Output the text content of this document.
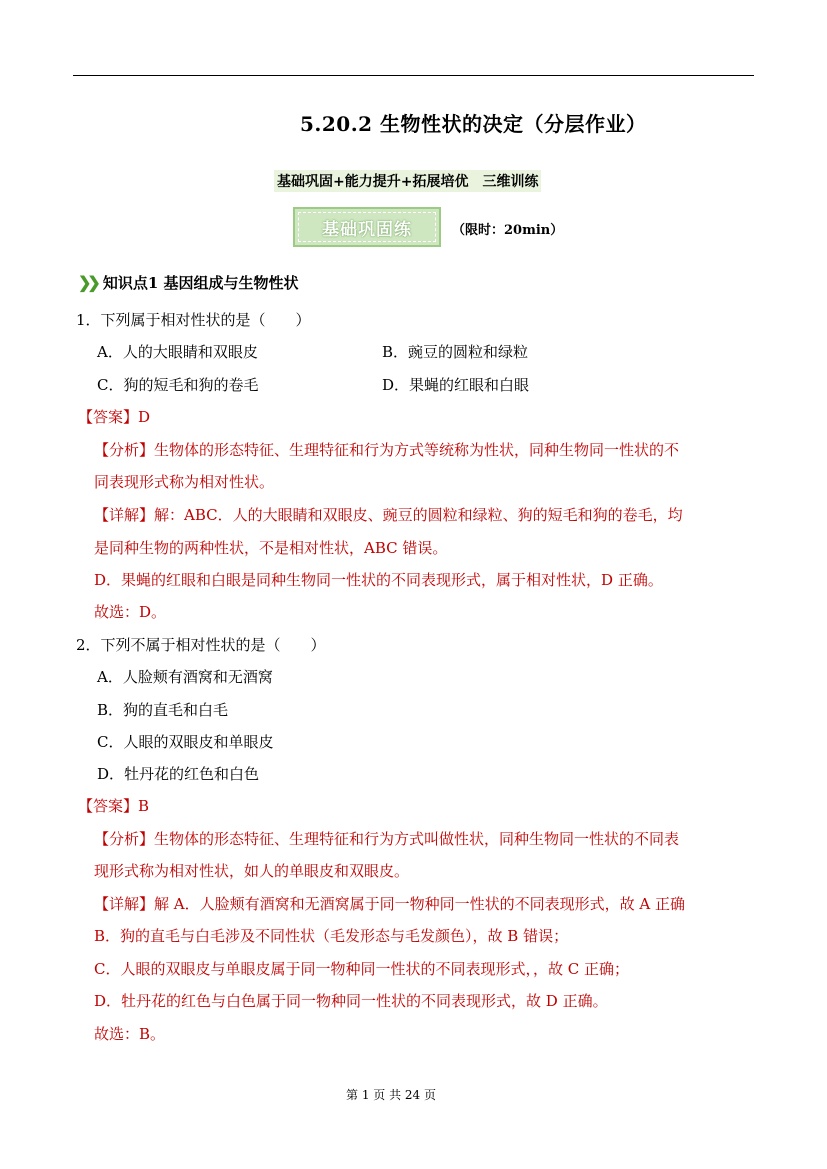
5.20.2 生物性状的决定（分层作业）
基础巩固+能力提升+拓展培优　三维训练
基础巩固练	（限时：20min）
❯❯ 知识点1 基因组成与生物性状
1．下列属于相对性状的是（　　）
A．人的大眼睛和双眼皮	B．豌豆的圆粒和绿粒
C．狗的短毛和狗的卷毛	D．果蝇的红眼和白眼
【答案】D
【分析】生物体的形态特征、生理特征和行为方式等统称为性状，同种生物同一性状的不
同表现形式称为相对性状。
【详解】解：ABC．人的大眼睛和双眼皮、豌豆的圆粒和绿粒、狗的短毛和狗的卷毛，均
是同种生物的两种性状，不是相对性状，ABC 错误。
D．果蝇的红眼和白眼是同种生物同一性状的不同表现形式，属于相对性状，D 正确。
故选：D。
2．下列不属于相对性状的是（　　）
A．人脸颊有酒窝和无酒窝
B．狗的直毛和白毛
C．人眼的双眼皮和单眼皮
D．牡丹花的红色和白色
【答案】B
【分析】生物体的形态特征、生理特征和行为方式叫做性状，同种生物同一性状的不同表
现形式称为相对性状，如人的单眼皮和双眼皮。
【详解】解 A．人脸颊有酒窝和无酒窝属于同一物种同一性状的不同表现形式，故 A 正确
B．狗的直毛与白毛涉及不同性状（毛发形态与毛发颜色），故 B 错误；
C．人眼的双眼皮与单眼皮属于同一物种同一性状的不同表现形式，，故 C 正确；
D．牡丹花的红色与白色属于同一物种同一性状的不同表现形式，故 D 正确。
故选：B。
第 1 页 共 24 页
